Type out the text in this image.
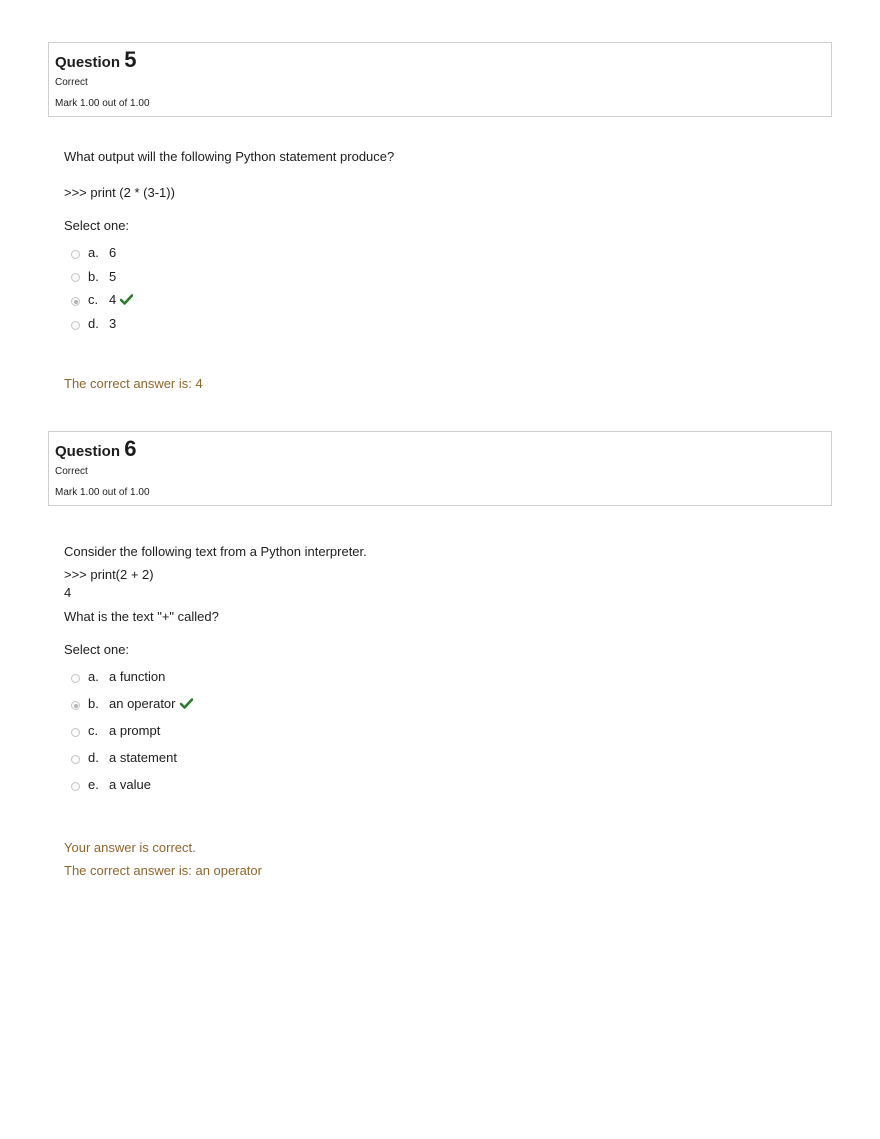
Question 5
Correct
Mark 1.00 out of 1.00
What output will the following Python statement produce?
>>> print (2 * (3-1))
Select one:
a. 6
b. 5
c. 4
d. 3
The correct answer is: 4
Question 6
Correct
Mark 1.00 out of 1.00
Consider the following text from a Python interpreter.
>>> print(2 + 2)
4
What is the text "+" called?
Select one:
a. a function
b. an operator
c. a prompt
d. a statement
e. a value
Your answer is correct.
The correct answer is: an operator
